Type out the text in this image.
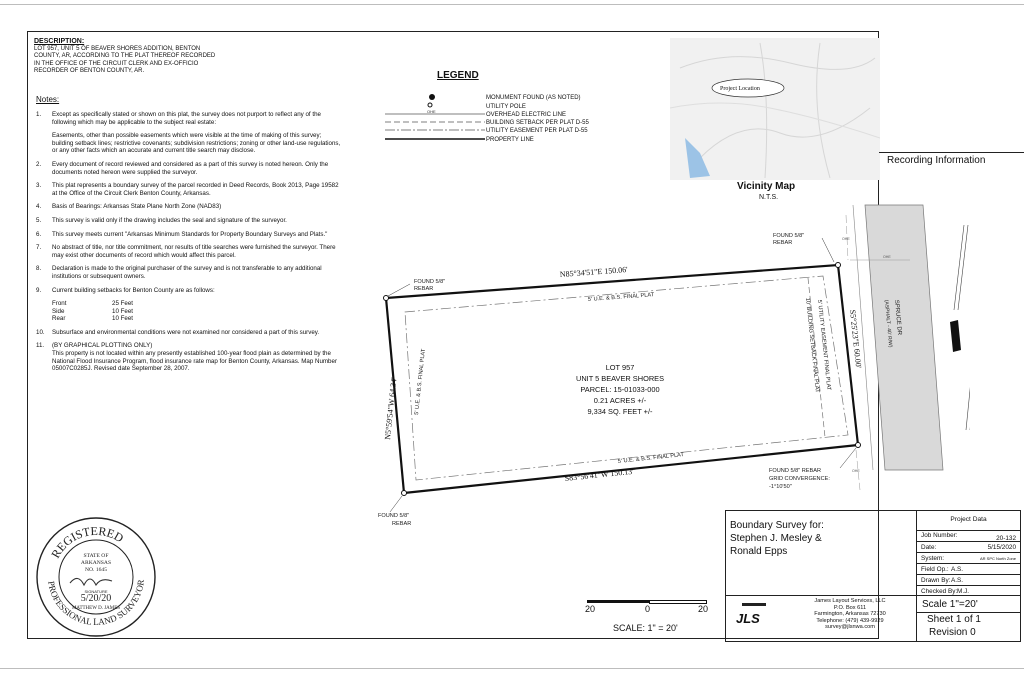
DESCRIPTION:
LOT 957, UNIT 5 OF BEAVER SHORES ADDITION, BENTON
COUNTY, AR, ACCORDING TO THE PLAT THEREOF RECORDED
IN THE OFFICE OF THE CIRCUIT CLERK AND EX-OFFICIO
RECORDER OF BENTON COUNTY, AR.
Notes:
1.	Except as specifically stated or shown on this plat, the survey does not purport to reflect any of the following which may be applicable to the subject real estate:
Easements, other than possible easements which were visible at the time of making of this survey; building setback lines; restrictive covenants; subdivision restrictions; zoning or other land-use regulations, or any other facts which an accurate and current title search may disclose.
2.	Every document of record reviewed and considered as a part of this survey is noted hereon. Only the documents noted hereon were supplied the surveyor.
3.	This plat represents a boundary survey of the parcel recorded in Deed Records, Book 2013, Page 19582 at the Office of the Circuit Clerk Benton County, Arkansas.
4.	Basis of Bearings: Arkansas State Plane North Zone (NAD83)
5.	This survey is valid only if the drawing includes the seal and signature of the surveyor.
6.	This survey meets current "Arkansas Minimum Standards for Property Boundary Surveys and Plats."
7.	No abstract of title, nor title commitment, nor results of title searches were furnished the surveyor. There may exist other documents of record which would affect this parcel.
8.	Declaration is made to the original purchaser of the survey and is not transferable to any additional institutions or subsequent owners.
9.	Current building setbacks for Benton County are as follows:
Front	25 Feet
Side	10 Feet
Rear	10 Feet
10.	Subsurface and environmental conditions were not examined nor considered a part of this survey.
11.	(BY GRAPHICAL PLOTTING ONLY)
This property is not located within any presently established 100-year flood plain as determined by the National Flood Insurance Program, flood insurance rate map for Benton County, Arkansas. Map Number 05007C0285J. Revised date September 28, 2007.
LEGEND
OHE
MONUMENT FOUND (AS NOTED)
UTILITY POLE
OVERHEAD ELECTRIC LINE
BUILDING SETBACK PER PLAT D-55
UTILITY EASEMENT PER PLAT D-55
PROPERTY LINE
Project Location
Vicinity Map
N.T.S.
Recording Information
SPRUCE DR
(ASPHALT - 40' R/W)
OHE
OHE
OHE
N85°34'51"E 150.06'
S83°56'41"W 150.13'
N5°59'54"W 64.34'
S5°25'23"E 60.00'
5' U.E. & B.S. FINAL PLAT
5' U.E. & B.S. FINAL PLAT
5' U.E. & B.S. FINAL PLAT	5' UTILITY EASEMENT FINAL PLAT
10' BUILDING SETBACK FINAL PLAT
LOT 957
UNIT 5 BEAVER SHORES
PARCEL: 15-01033-000
0.21 ACRES +/-
9,334 SQ. FEET +/-
FOUND 5/8"
REBAR
FOUND 5/8"
REBAR
FOUND 5/8" REBAR
GRID CONVERGENCE:
-1°10'50"
FOUND 5/8"
REBAR
20	0	20
SCALE: 1" = 20'
REGISTERED
PROFESSIONAL LAND SURVEYOR
STATE OF
ARKANSAS
NO. 1645
SIGNATURE
5/20/20
MATTHEW D. JAMES
Boundary Survey for:
Stephen J. Mesley &
Ronald Epps
Project Data
Job Number:	20-132
Date:	5/15/2020
System:	AR SPC North Zone
Field Op.: A.S.
Drawn By: A.S.
Checked By: M.J.
JLS
James Layout Services, LLC
P.O. Box 611
Farmington, Arkansas 72730
Telephone: (479) 439-9929
survey@jlsnwa.com
Scale 1"=20'
Sheet 1 of 1
Revision 0
